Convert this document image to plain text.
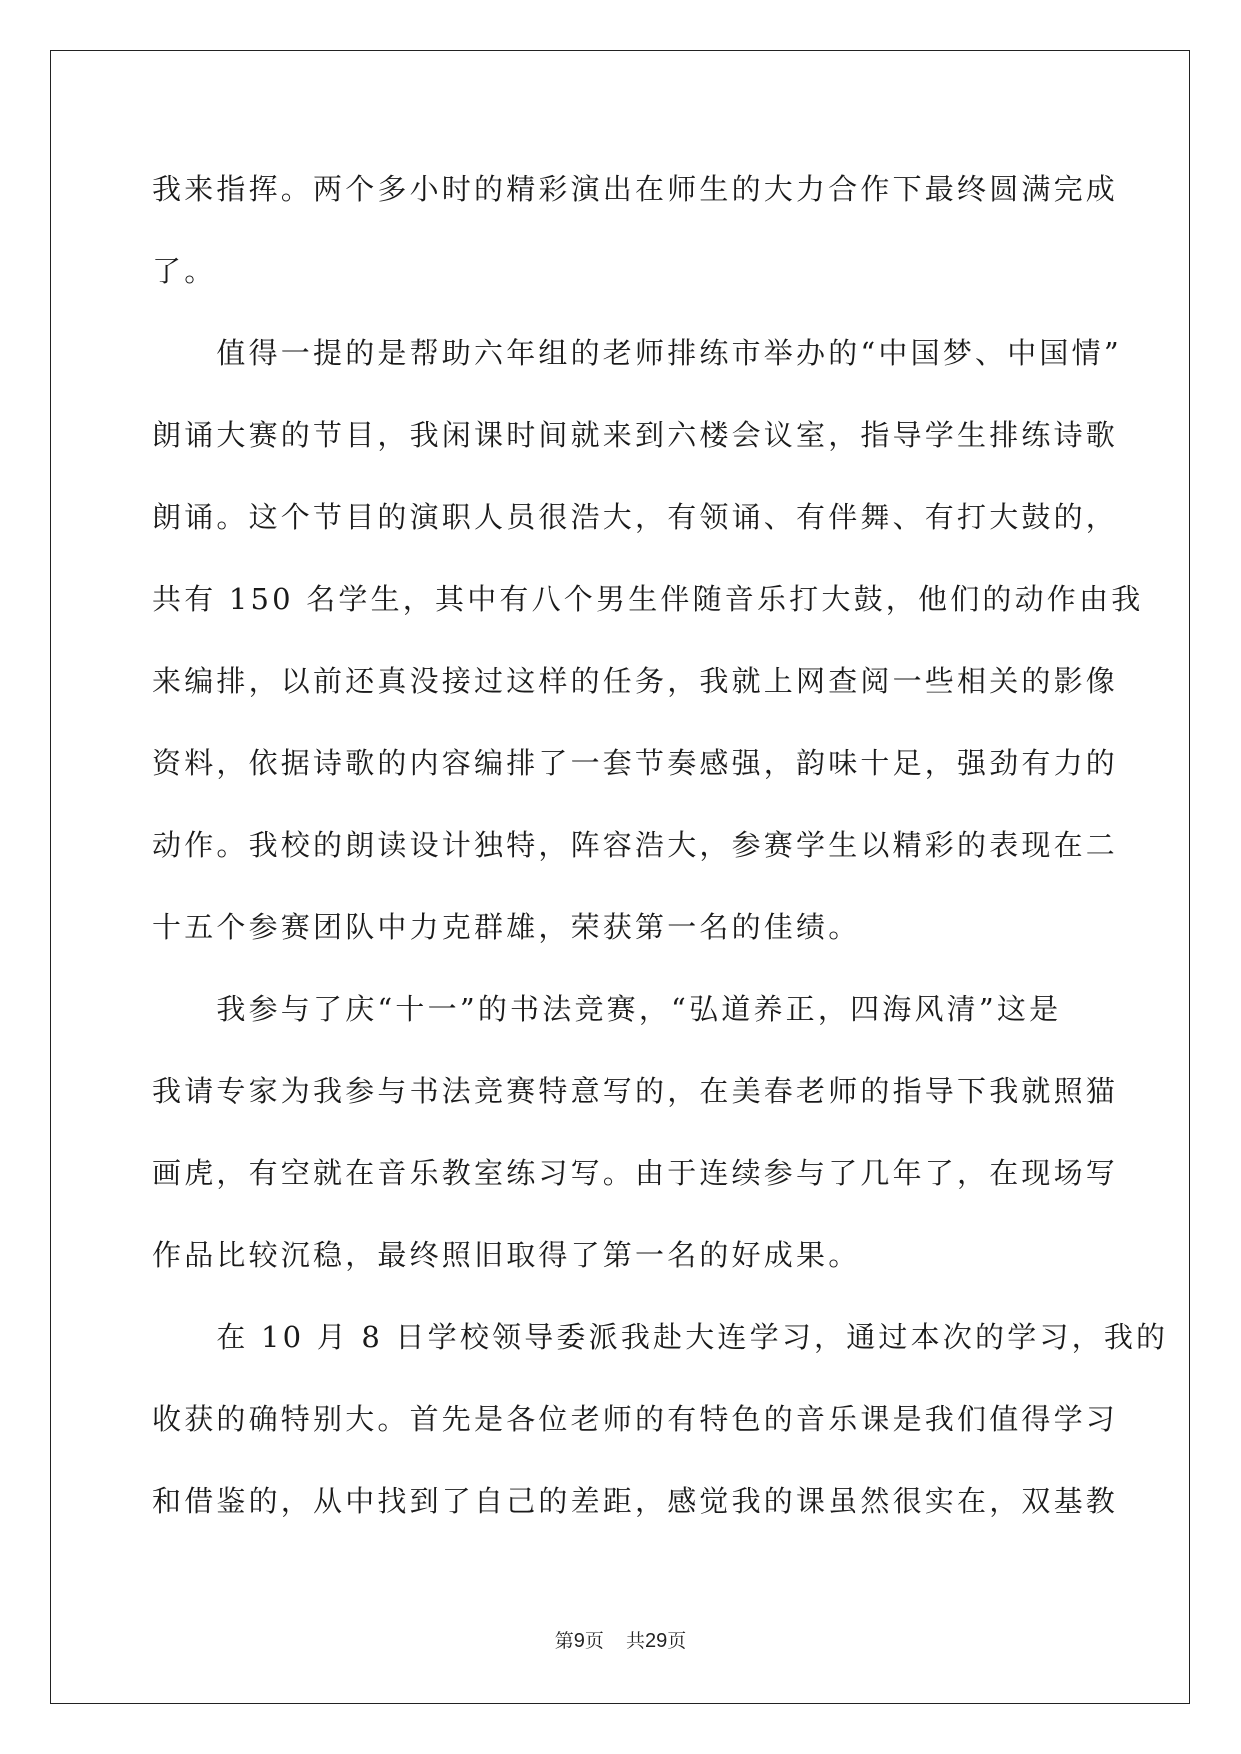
我来指挥。两个多小时的精彩演出在师生的大力合作下最终圆满完成
了。
　　值得一提的是帮助六年组的老师排练市举办的“中国梦、中国情”
朗诵大赛的节目，我闲课时间就来到六楼会议室，指导学生排练诗歌
朗诵。这个节目的演职人员很浩大，有领诵、有伴舞、有打大鼓的，
共有 150 名学生，其中有八个男生伴随音乐打大鼓，他们的动作由我
来编排，以前还真没接过这样的任务，我就上网查阅一些相关的影像
资料，依据诗歌的内容编排了一套节奏感强，韵味十足，强劲有力的
动作。我校的朗读设计独特，阵容浩大，参赛学生以精彩的表现在二
十五个参赛团队中力克群雄，荣获第一名的佳绩。
　　我参与了庆“十一”的书法竞赛，“弘道养正，四海风清”这是
我请专家为我参与书法竞赛特意写的，在美春老师的指导下我就照猫
画虎，有空就在音乐教室练习写。由于连续参与了几年了，在现场写
作品比较沉稳，最终照旧取得了第一名的好成果。
　　在 10 月 8 日学校领导委派我赴大连学习，通过本次的学习，我的
收获的确特别大。首先是各位老师的有特色的音乐课是我们值得学习
和借鉴的，从中找到了自己的差距，感觉我的课虽然很实在，双基教
第9页 共29页
